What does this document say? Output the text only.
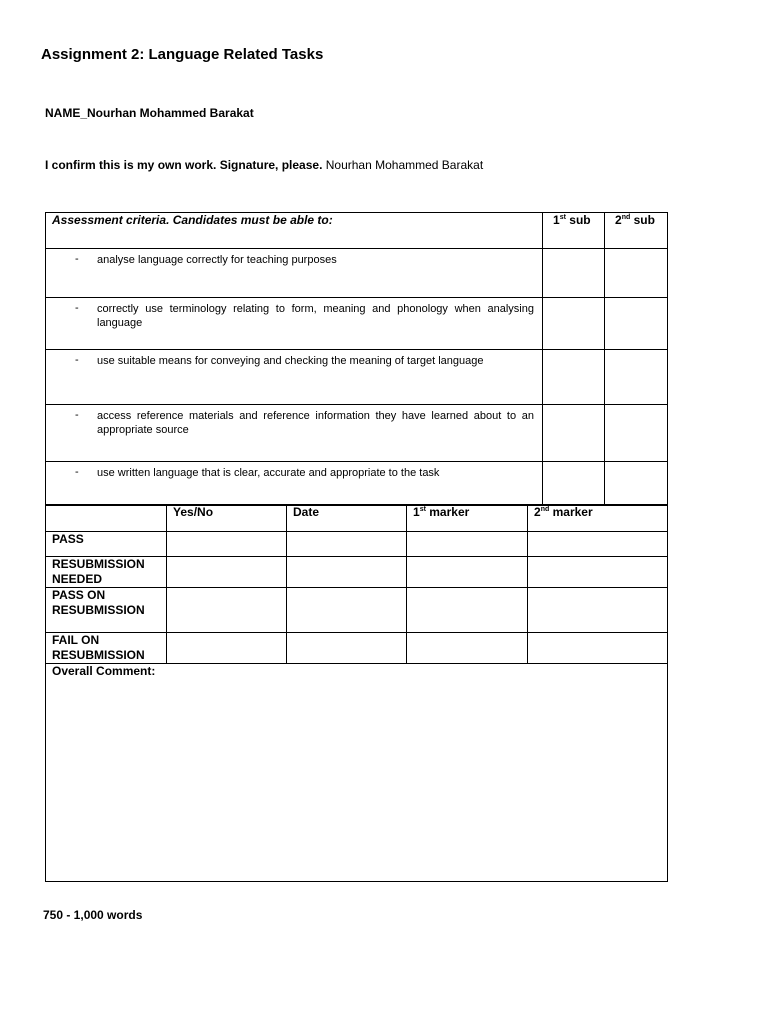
Assignment 2: Language Related Tasks
NAME_Nourhan Mohammed Barakat
I confirm this is my own work. Signature, please. Nourhan Mohammed Barakat
Assessment criteria. Candidates must be able to:	1st sub	2nd sub

- analyse language correctly for teaching purposes		

- correctly use terminology relating to form, meaning and phonology when analysing language		

- use suitable means for conveying and checking the meaning of target language		

- access reference materials and reference information they have learned about to an appropriate source		

- use written language that is clear, accurate and appropriate to the task		

	Yes/No	Date	1st marker	2nd marker
PASS				
RESUBMISSION NEEDED				
PASS ON RESUBMISSION				
FAIL ON RESUBMISSION				
Overall Comment:				
750 - 1,000 words
